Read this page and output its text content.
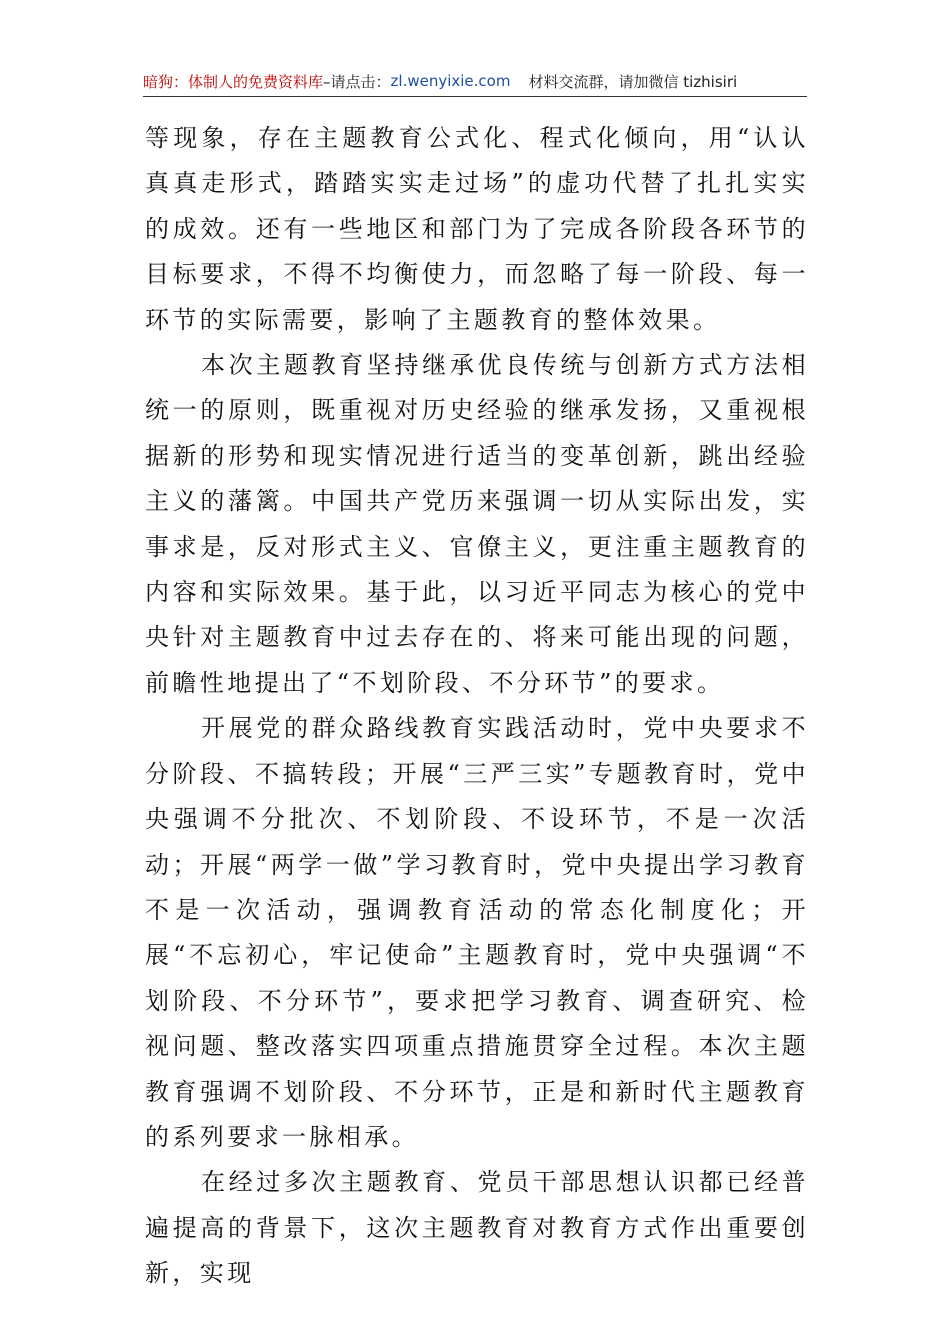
暗狗：体制人的免费资料库 –请点击： zl.wenyixie.com 材料交流群，请加微信 tizhisiri

等现象，存在主题教育公式化、程式化倾向，用“认认真真走形式，踏踏实实走过场”的虚功代替了扎扎实实的成效。还有一些地区和部门为了完成各阶段各环节的目标要求，不得不均衡使力，而忽略了每一阶段、每一环节的实际需要，影响了主题教育的整体效果。

本次主题教育坚持继承优良传统与创新方式方法相统一的原则，既重视对历史经验的继承发扬，又重视根据新的形势和现实情况进行适当的变革创新，跳出经验主义的藩篱。中国共产党历来强调一切从实际出发，实事求是，反对形式主义、官僚主义，更注重主题教育的内容和实际效果。基于此，以习近平同志为核心的党中央针对主题教育中过去存在的、将来可能出现的问题，前瞻性地提出了“不划阶段、不分环节”的要求。

开展党的群众路线教育实践活动时，党中央要求不分阶段、不搞转段；开展“三严三实”专题教育时，党中央强调不分批次、不划阶段、不设环节，不是一次活动；开展“两学一做”学习教育时，党中央提出学习教育不是一次活动，强调教育活动的常态化制度化；开展“不忘初心，牢记使命”主题教育时，党中央强调“不划阶段、不分环节”，要求把学习教育、调查研究、检视问题、整改落实四项重点措施贯穿全过程。本次主题教育强调不划阶段、不分环节，正是和新时代主题教育的系列要求一脉相承。

在经过多次主题教育、党员干部思想认识都已经普遍提高的背景下，这次主题教育对教育方式作出重要创新，实现
